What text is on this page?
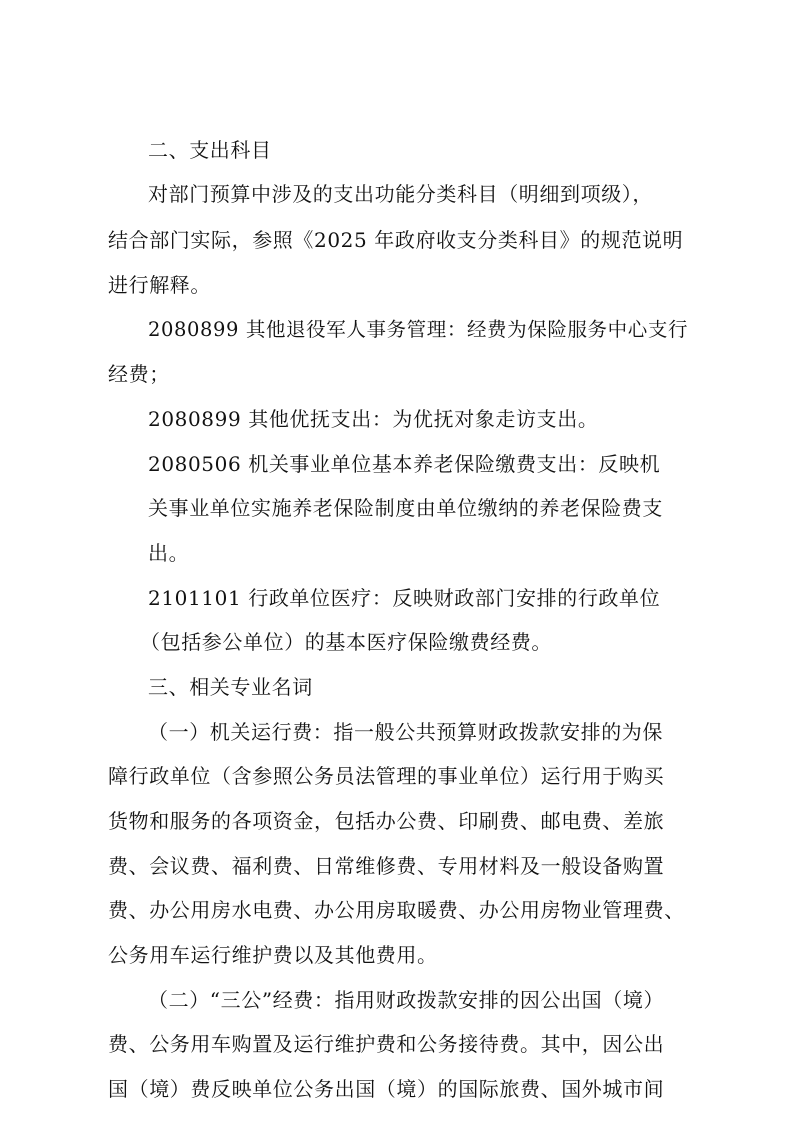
二、支出科目

对部门预算中涉及的支出功能分类科目（明细到项级），

结合部门实际，参照《2025 年政府收支分类科目》的规范说明

进行解释。

2080899 其他退役军人事务管理：经费为保险服务中心支行

经费；

2080899 其他优抚支出：为优抚对象走访支出。

2080506 机关事业单位基本养老保险缴费支出：反映机

关事业单位实施养老保险制度由单位缴纳的养老保险费支

出。

2101101 行政单位医疗：反映财政部门安排的行政单位

（包括参公单位）的基本医疗保险缴费经费。

三、相关专业名词

（一）机关运行费：指一般公共预算财政拨款安排的为保

障行政单位（含参照公务员法管理的事业单位）运行用于购买

货物和服务的各项资金，包括办公费、印刷费、邮电费、差旅

费、会议费、福利费、日常维修费、专用材料及一般设备购置

费、办公用房水电费、办公用房取暖费、办公用房物业管理费、

公务用车运行维护费以及其他费用。

（二）“三公”经费：指用财政拨款安排的因公出国（境）

费、公务用车购置及运行维护费和公务接待费。其中，因公出

国（境）费反映单位公务出国（境）的国际旅费、国外城市间
